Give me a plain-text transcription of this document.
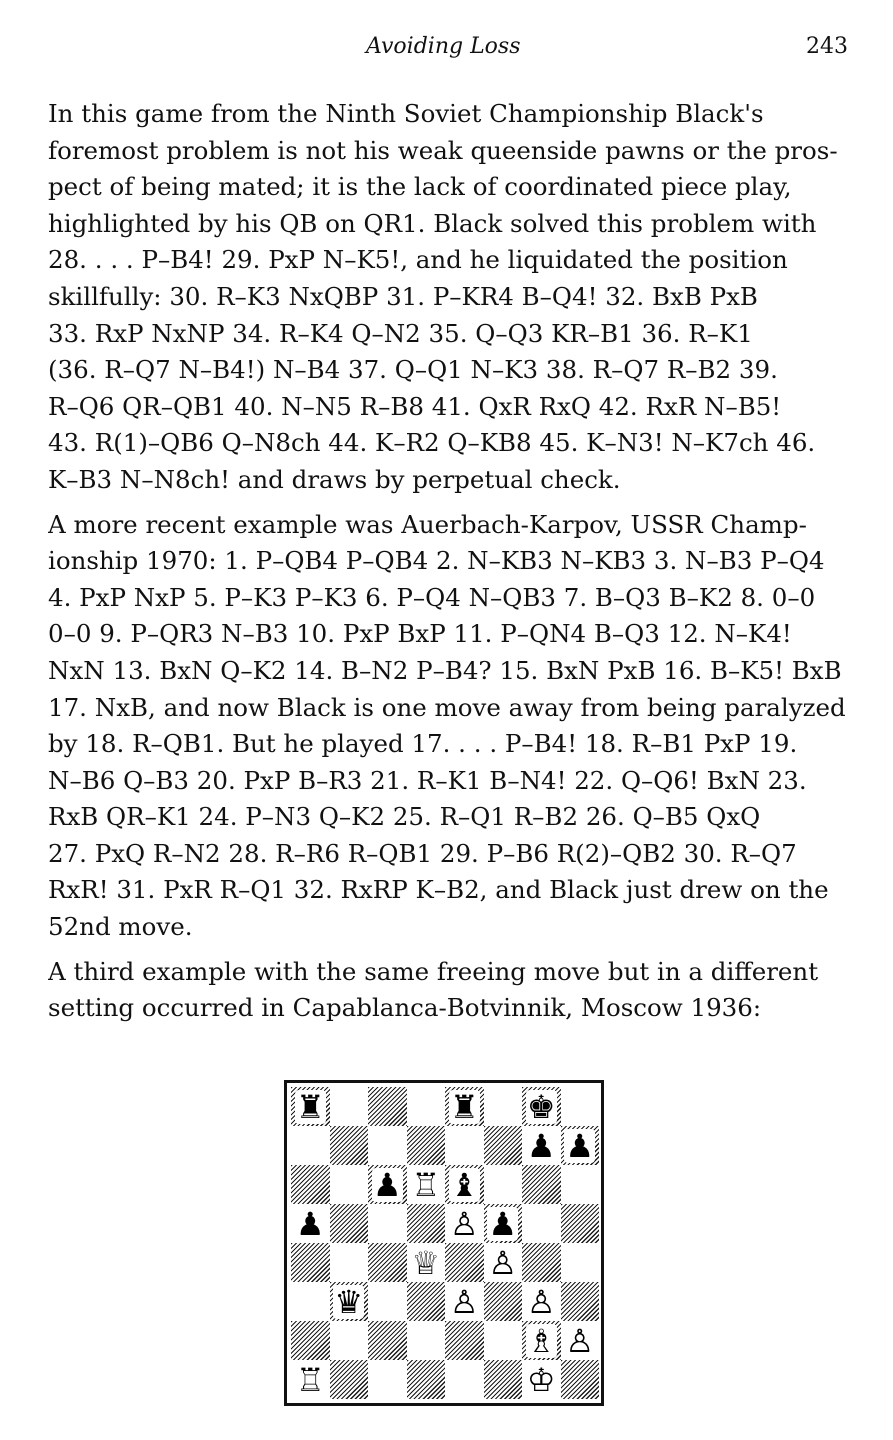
Avoiding Loss	243
In this game from the Ninth Soviet Championship Black's
foremost problem is not his weak queenside pawns or the pros-
pect of being mated; it is the lack of coordinated piece play,
highlighted by his QB on QR1. Black solved this problem with
28. . . . P–B4! 29. PxP N–K5!, and he liquidated the position
skillfully: 30. R–K3 NxQBP 31. P–KR4 B–Q4! 32. BxB PxB
33. RxP NxNP 34. R–K4 Q–N2 35. Q–Q3 KR–B1 36. R–K1
(36. R–Q7 N–B4!) N–B4 37. Q–Q1 N–K3 38. R–Q7 R–B2 39.
R–Q6 QR–QB1 40. N–N5 R–B8 41. QxR RxQ 42. RxR N–B5!
43. R(1)–QB6 Q–N8ch 44. K–R2 Q–KB8 45. K–N3! N–K7ch 46.
K–B3 N–N8ch! and draws by perpetual check.
A more recent example was Auerbach-Karpov, USSR Champ-
ionship 1970: 1. P–QB4 P–QB4 2. N–KB3 N–KB3 3. N–B3 P–Q4
4. PxP NxP 5. P–K3 P–K3 6. P–Q4 N–QB3 7. B–Q3 B–K2 8. 0–0
0–0 9. P–QR3 N–B3 10. PxP BxP 11. P–QN4 B–Q3 12. N–K4!
NxN 13. BxN Q–K2 14. B–N2 P–B4? 15. BxN PxB 16. B–K5! BxB
17. NxB, and now Black is one move away from being paralyzed
by 18. R–QB1. But he played 17. . . . P–B4! 18. R–B1 PxP 19.
N–B6 Q–B3 20. PxP B–R3 21. R–K1 B–N4! 22. Q–Q6! BxN 23.
RxB QR–K1 24. P–N3 Q–K2 25. R–Q1 R–B2 26. Q–B5 QxQ
27. PxQ R–N2 28. R–R6 R–QB1 29. P–B6 R(2)–QB2 30. R–Q7
RxR! 31. PxR R–Q1 32. RxRP K–B2, and Black just drew on the
52nd move.
A third example with the same freeing move but in a different
setting occurred in Capablanca-Botvinnik, Moscow 1936:
♜	♜ ♚
♟ ♟
♟ ♖ ♝
♟	♙ ♟
♕ ♙
♛	♙ ♙
♗ ♙
♖	♔
